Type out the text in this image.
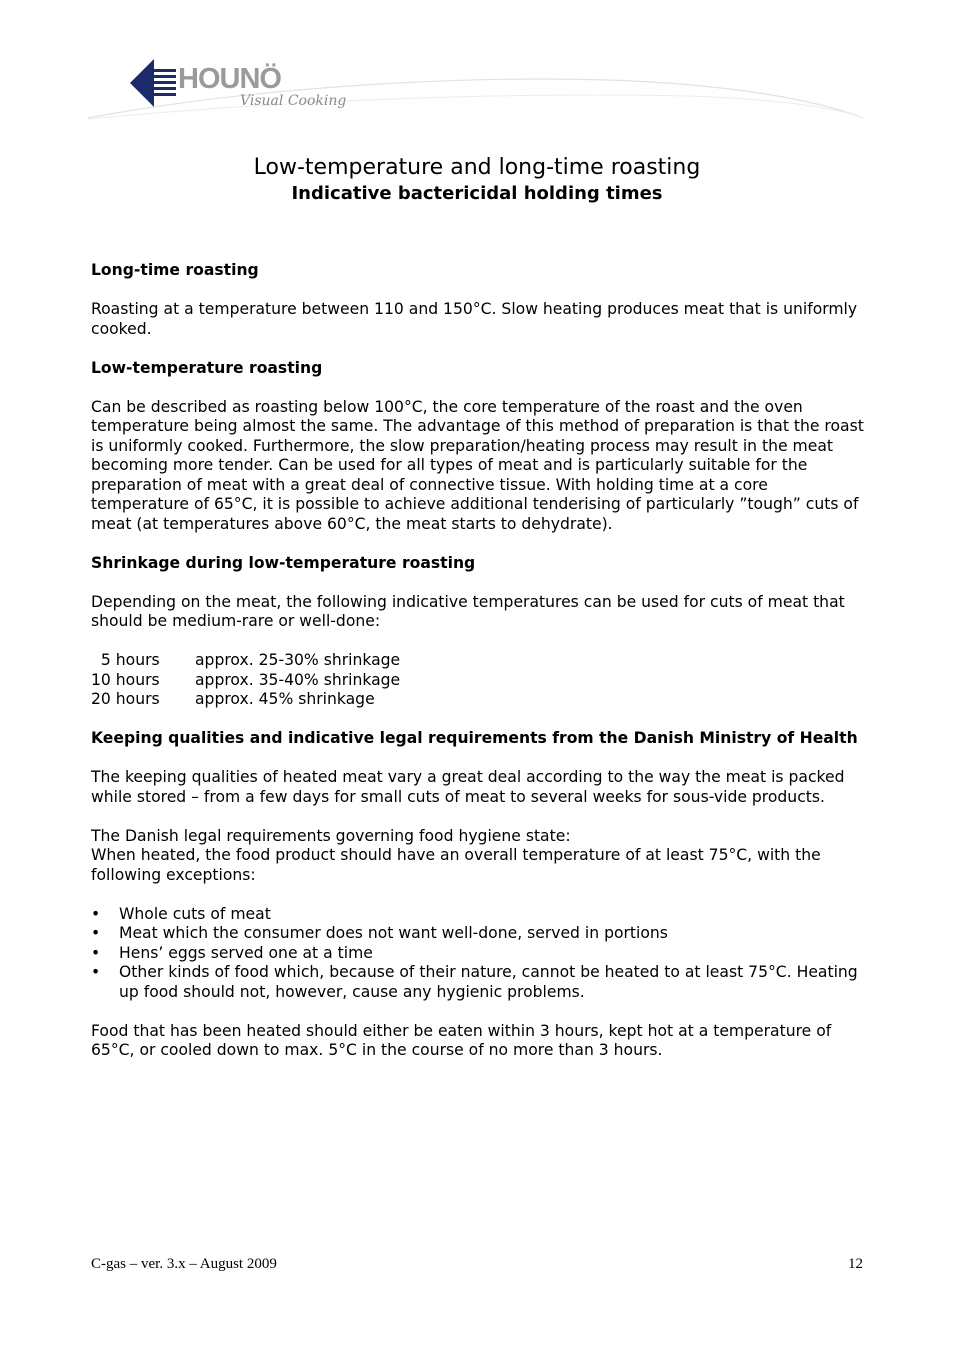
HOUNÖ
Visual Cooking
Low-temperature and long-time roasting
Indicative bactericidal holding times

Long-time roasting

Roasting at a temperature between 110 and 150°C. Slow heating produces meat that is uniformly cooked.

Low-temperature roasting

Can be described as roasting below 100°C, the core temperature of the roast and the oven temperature being almost the same. The advantage of this method of preparation is that the roast is uniformly cooked. Furthermore, the slow preparation/heating process may result in the meat becoming more tender. Can be used for all types of meat and is particularly suitable for the preparation of meat with a great deal of connective tissue. With holding time at a core temperature of 65°C, it is possible to achieve additional tenderising of particularly ”tough” cuts of meat (at temperatures above 60°C, the meat starts to dehydrate).

Shrinkage during low-temperature roasting

Depending on the meat, the following indicative temperatures can be used for cuts of meat that should be medium-rare or well-done:

5 hours	approx. 25-30% shrinkage
10 hours	approx. 35-40% shrinkage
20 hours	approx. 45% shrinkage

Keeping qualities and indicative legal requirements from the Danish Ministry of Health

The keeping qualities of heated meat vary a great deal according to the way the meat is packed while stored – from a few days for small cuts of meat to several weeks for sous-vide products.

The Danish legal requirements governing food hygiene state:
When heated, the food product should have an overall temperature of at least 75°C, with the following exceptions:

• Whole cuts of meat
• Meat which the consumer does not want well-done, served in portions
• Hens’ eggs served one at a time
• Other kinds of food which, because of their nature, cannot be heated to at least 75°C. Heating up food should not, however, cause any hygienic problems.

Food that has been heated should either be eaten within 3 hours, kept hot at a temperature of 65°C, or cooled down to max. 5°C in the course of no more than 3 hours.

C-gas – ver. 3.x – August 2009	12
